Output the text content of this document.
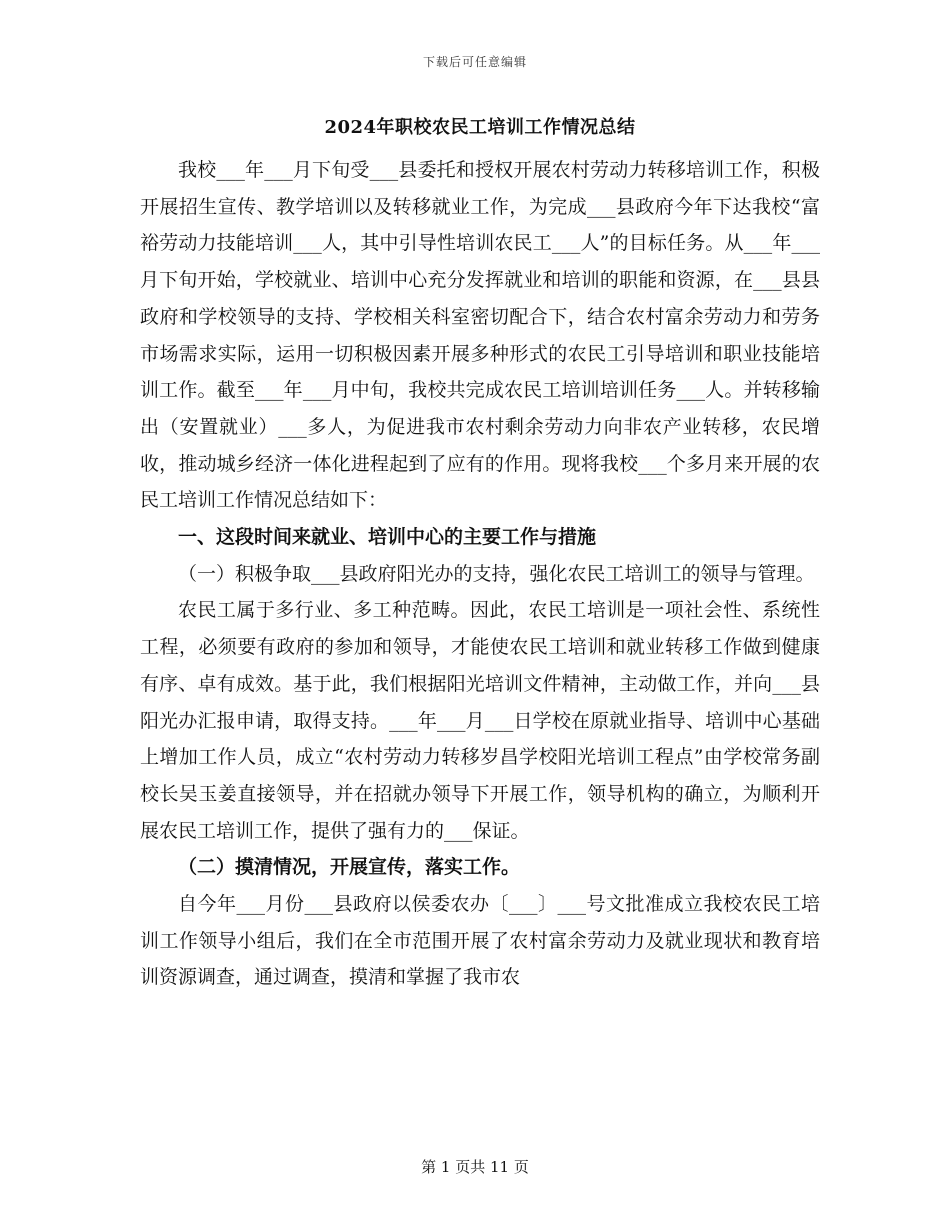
下载后可任意编辑
2024年职校农民工培训工作情况总结

我校___年___月下旬受___县委托和授权开展农村劳动力转移培训工作，积极开展招生宣传、教学培训以及转移就业工作，为完成___县政府今年下达我校“富裕劳动力技能培训___人，其中引导性培训农民工___人”的目标任务。从___年___月下旬开始，学校就业、培训中心充分发挥就业和培训的职能和资源，在___县县政府和学校领导的支持、学校相关科室密切配合下，结合农村富余劳动力和劳务市场需求实际，运用一切积极因素开展多种形式的农民工引导培训和职业技能培训工作。截至___年___月中旬，我校共完成农民工培训培训任务___人。并转移输出（安置就业）___多人，为促进我市农村剩余劳动力向非农产业转移，农民增收，推动城乡经济一体化进程起到了应有的作用。现将我校___个多月来开展的农民工培训工作情况总结如下：

一、这段时间来就业、培训中心的主要工作与措施

（一）积极争取___县政府阳光办的支持，强化农民工培训工的领导与管理。

农民工属于多行业、多工种范畴。因此，农民工培训是一项社会性、系统性工程，必须要有政府的参加和领导，才能使农民工培训和就业转移工作做到健康有序、卓有成效。基于此，我们根据阳光培训文件精神，主动做工作，并向___县阳光办汇报申请，取得支持。___年___月___日学校在原就业指导、培训中心基础上增加工作人员，成立“农村劳动力转移岁昌学校阳光培训工程点”由学校常务副校长吴玉姜直接领导，并在招就办领导下开展工作，领导机构的确立，为顺利开展农民工培训工作，提供了强有力的___保证。

（二）摸清情况，开展宣传，落实工作。

自今年___月份___县政府以侯委农办〔___〕___号文批准成立我校农民工培训工作领导小组后，我们在全市范围开展了农村富余劳动力及就业现状和教育培训资源调查，通过调查，摸清和掌握了我市农

第 1 页共 11 页
